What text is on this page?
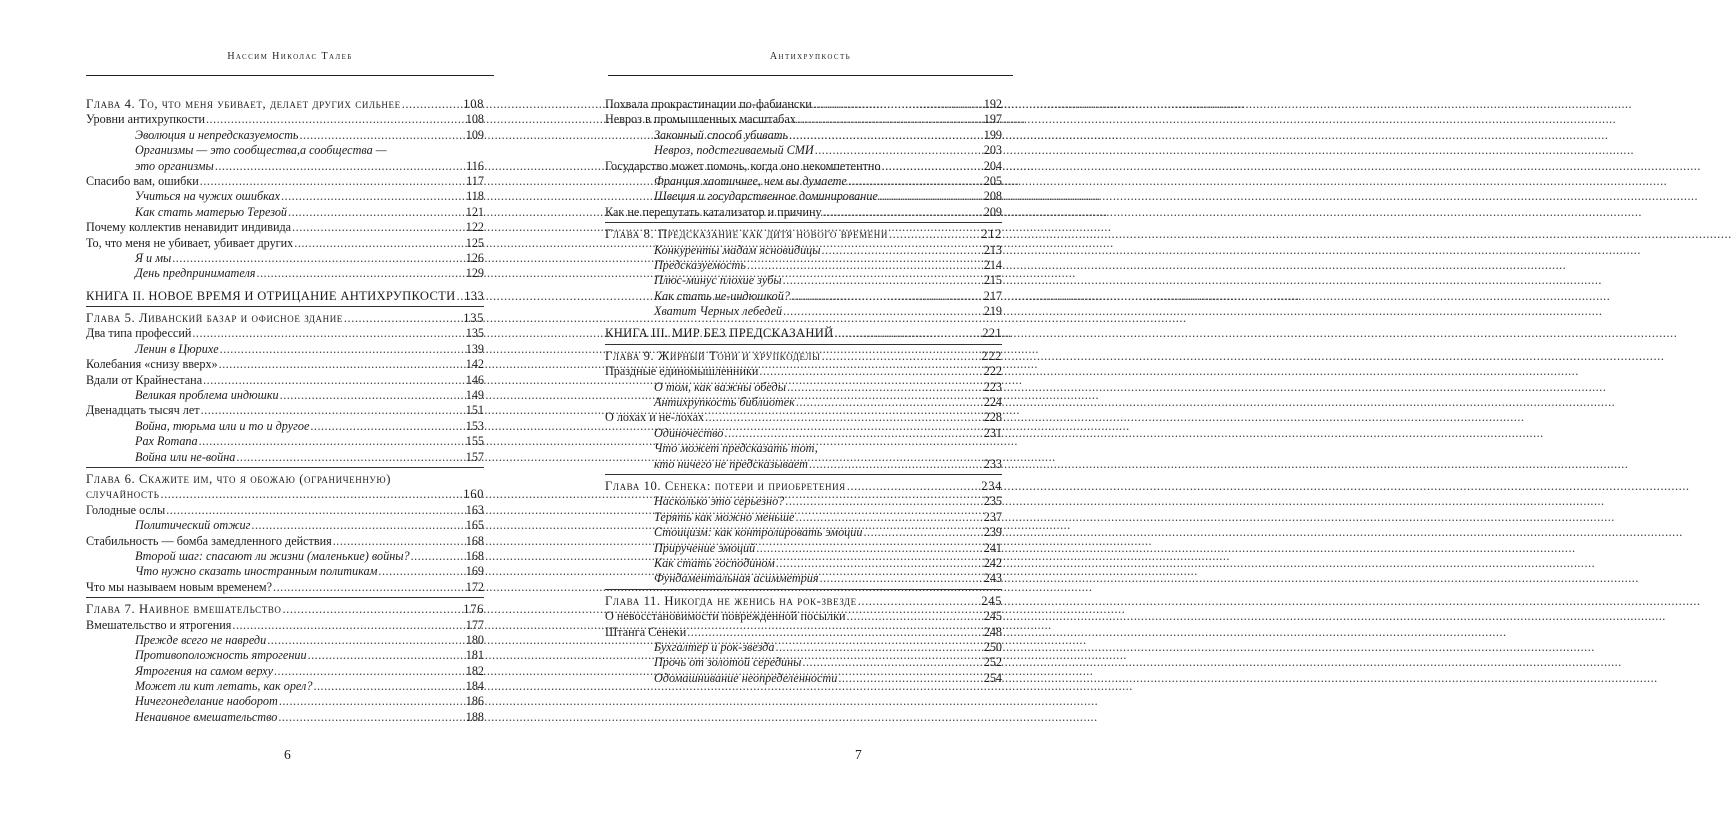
Нассим Николас Талеб
Глава 4. То, что меня убивает, делает других сильнее .....	108
Уровни антихрупкости .....	108
Эволюция и непредсказуемость .....	109
Организмы — это сообщества,а сообщества —
это организмы .....	116
Спасибо вам, ошибки .....	117
Учиться на чужих ошибках .....	118
Как стать матерью Терезой .....	121
Почему коллектив ненавидит индивида .....	122
То, что меня не убивает, убивает других .....	125
Я и мы .....	126
День предпринимателя .....	129
КНИГА II. НОВОЕ ВРЕМЯ И ОТРИЦАНИЕ АНТИХРУПКОСТИ ..... 133
Глава 5. Ливанский базар и офисное здание .....	135
Два типа профессий .....	135
Ленин в Цюрихе .....	139
Колебания «снизу вверх» .....	142
Вдали от Крайнестана .....	146
Великая проблема индюшки .....	149
Двенадцать тысяч лет .....	151
Война, тюрьма или и то и другое .....	153
Pax Romana .....	155
Война или не-война .....	157
Глава 6. Скажите им, что я обожаю (ограниченную)
случайность .....	160
Голодные ослы .....	163
Политический отжиг .....	165
Стабильность — бомба замедленного действия .....	168
Второй шаг: спасают ли жизни (маленькие) войны? .....	168
Что нужно сказать иностранным политикам .....	169
Что мы называем новым временем? .....	172
Глава 7. Наивное вмешательство .....	176
Вмешательство и ятрогения .....	177
Прежде всего не навреди .....	180
Противоположность ятрогении .....	181
Ятрогения на самом верху .....	182
Может ли кит летать, как орел? .....	184
Ничегонеделание наоборот .....	186
Ненаивное вмешательство .....	188
6
Антихрупкость
Похвала прокрастинации по-фабиански .....	192
Невроз в промышленных масштабах .....	197
Законный способ убивать .....	199
Невроз, подстегиваемый СМИ .....	203
Государство может помочь, когда оно некомпетентно .....	204
Франция хаотичнее, чем вы думаете .....	205
Швеция и государственное доминирование .....	208
Как не перепутать катализатор и причину .....	209
Глава 8. Предсказание как дитя нового времени .....	212
Конкуренты мадам ясновидицы .....	213
Предсказуемость .....	214
Плюс-минус плохие зубы .....	215
Как стать не-индюшкой? .....	217
Хватит Черных лебедей .....	219
КНИГА III. МИР БЕЗ ПРЕДСКАЗАНИЙ .....	221
Глава 9. Жирный Тони и хрупкоделы .....	222
Праздные единомышленники .....	222
О том, как важны обеды .....	223
Антихрупкость библиотек .....	224
О лохах и не-лохах .....	228
Одиночество .....	231
Что может предсказать тот,
кто ничего не предсказывает .....	233
Глава 10. Сенека: потери и приобретения .....	234
Насколько это серьезно? .....	235
Терять как можно меньше .....	237
Стоицизм: как контролировать эмоции .....	239
Приручение эмоций .....	241
Как стать господином .....	242
Фундаментальная асимметрия .....	243
Глава 11. Никогда не женись на рок-звезде .....	245
О невосстановимости поврежденной посылки .....	245
Штанга Сенеки .....	248
Бухгалтер и рок-звезда .....	250
Прочь от золотой середины .....	252
Одомашнивание неопределенности .....	254
7
